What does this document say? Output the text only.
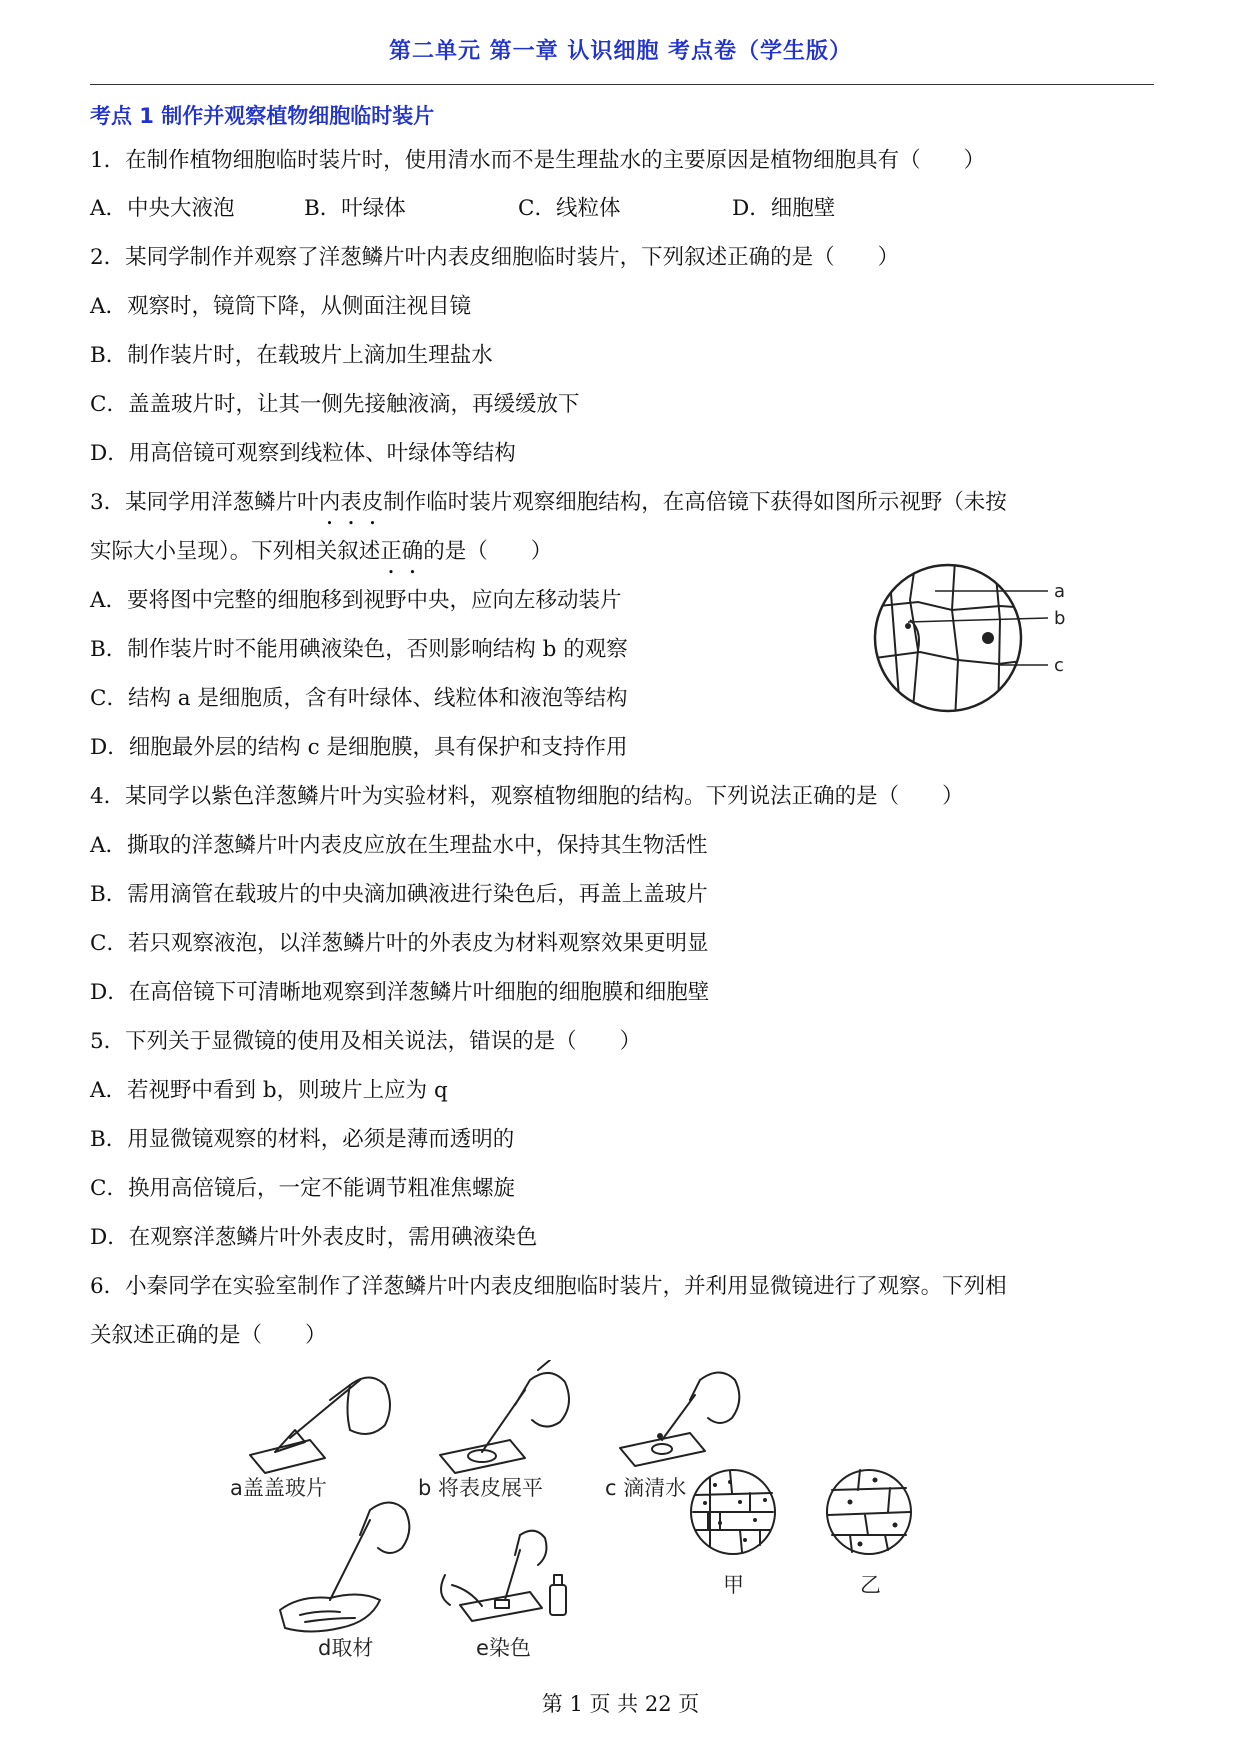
第二单元 第一章 认识细胞 考点卷（学生版）
考点 1 制作并观察植物细胞临时装片
1．在制作植物细胞临时装片时，使用清水而不是生理盐水的主要原因是植物细胞具有（　　）
A．中央大液泡	B．叶绿体	C．线粒体	D．细胞壁
2．某同学制作并观察了洋葱鳞片叶内表皮细胞临时装片，下列叙述正确的是（　　）
A．观察时，镜筒下降，从侧面注视目镜
B．制作装片时，在载玻片上滴加生理盐水
C．盖盖玻片时，让其一侧先接触液滴，再缓缓放下
D．用高倍镜可观察到线粒体、叶绿体等结构
3．某同学用洋葱鳞片叶内表皮制作临时装片观察细胞结构，在高倍镜下获得如图所示视野（未按
实际大小呈现）。下列相关叙述正确的是（　　）
A．要将图中完整的细胞移到视野中央，应向左移动装片
B．制作装片时不能用碘液染色，否则影响结构 b 的观察
C．结构 a 是细胞质，含有叶绿体、线粒体和液泡等结构
D．细胞最外层的结构 c 是细胞膜，具有保护和支持作用
a
b
c
4．某同学以紫色洋葱鳞片叶为实验材料，观察植物细胞的结构。下列说法正确的是（　　）
A．撕取的洋葱鳞片叶内表皮应放在生理盐水中，保持其生物活性
B．需用滴管在载玻片的中央滴加碘液进行染色后，再盖上盖玻片
C．若只观察液泡，以洋葱鳞片叶的外表皮为材料观察效果更明显
D．在高倍镜下可清晰地观察到洋葱鳞片叶细胞的细胞膜和细胞壁
5．下列关于显微镜的使用及相关说法，错误的是（　　）
A．若视野中看到 b，则玻片上应为 q
B．用显微镜观察的材料，必须是薄而透明的
C．换用高倍镜后，一定不能调节粗准焦螺旋
D．在观察洋葱鳞片叶外表皮时，需用碘液染色
6．小秦同学在实验室制作了洋葱鳞片叶内表皮细胞临时装片，并利用显微镜进行了观察。下列相
关叙述正确的是（　　）
a盖盖玻片	b 将表皮展平	c 滴清水
d取材	e染色
甲	乙
第 1 页 共 22 页
